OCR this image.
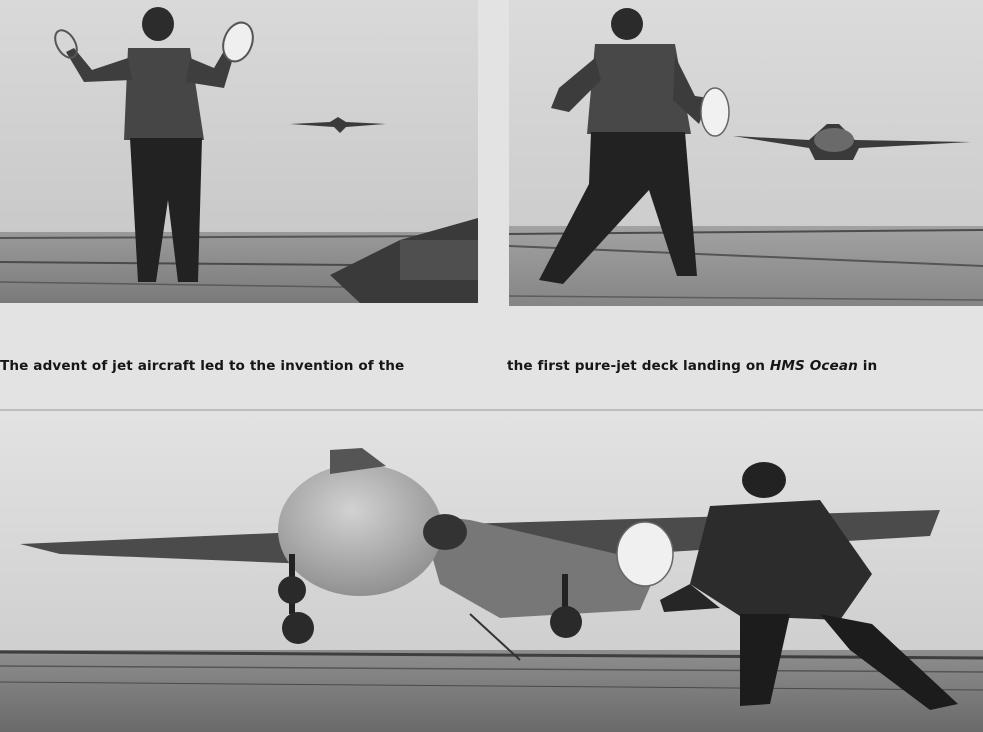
The advent of jet aircraft led to the invention of the

	the first pure-jet deck landing on HMS Ocean in
